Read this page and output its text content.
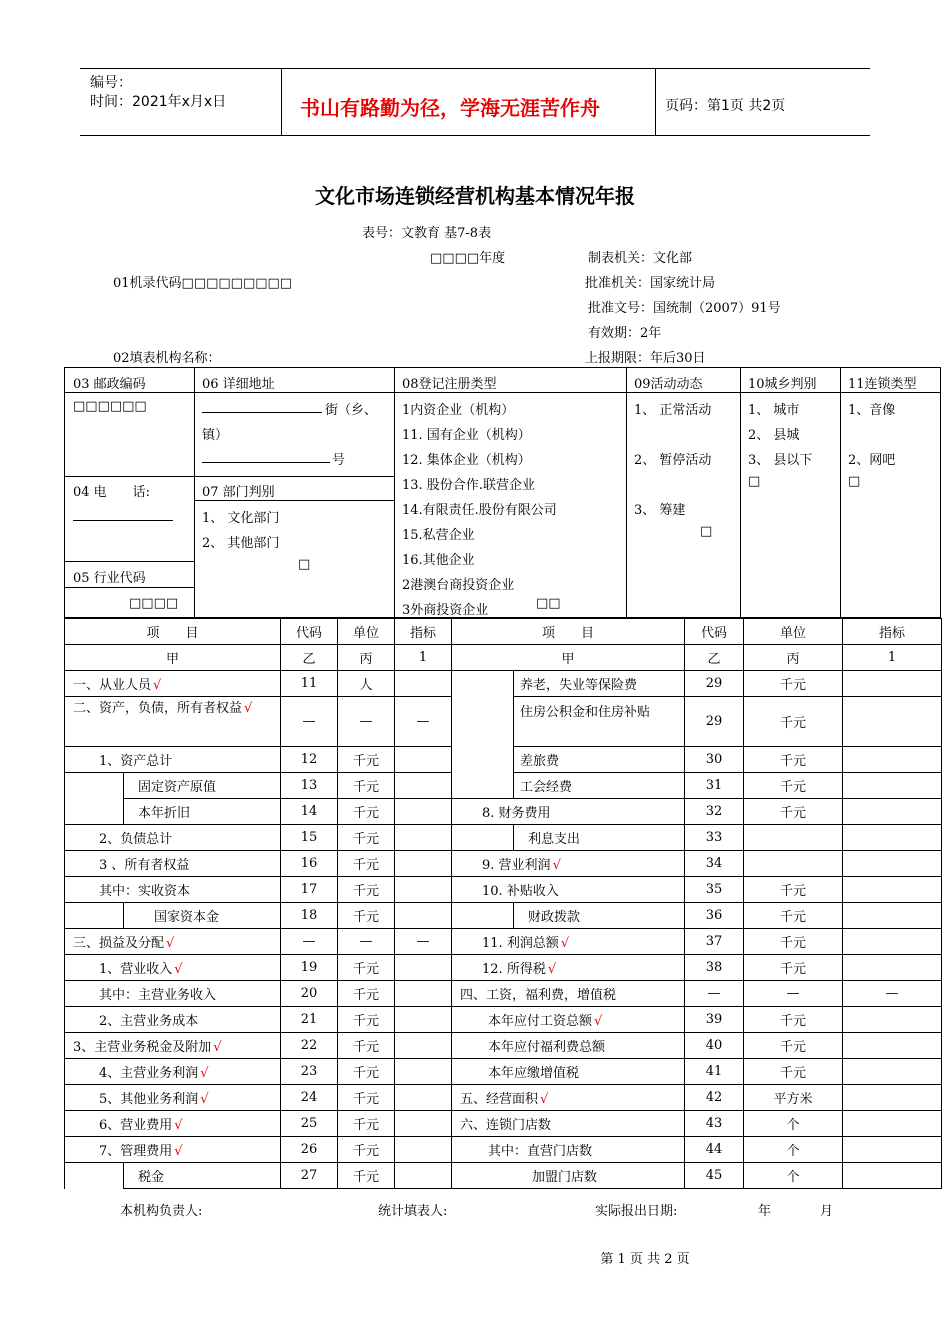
编号：
时间：2021年x月x日	书山有路勤为径，学海无涯苦作舟	页码：第1页 共2页
文化市场连锁经营机构基本情况年报
表号：文教育 基7-8表
□□□□年度	制表机关：文化部
01机录代码□□□□□□□□□	批准机关：国家统计局
批准文号：国统制（2007）91号
有效期：2年
02填表机构名称：	上报期限：年后30日
03 邮政编码
□□□□□□
04 电　　话:
05 行业代码
□□□□
06 详细地址
街（乡、
镇）
号
07 部门判别
1、 文化部门
2、 其他部门
□
08登记注册类型
1内资企业（机构）
11. 国有企业（机构）
12. 集体企业（机构）
13. 股份合作.联营企业
14.有限责任.股份有限公司
15.私营企业
16.其他企业
2港澳台商投资企业
3外商投资企业	□□
09活动动态
1、 正常活动
2、 暂停活动
3、 筹建
□
10城乡判别
1、 城市
2、 县城
3、 县以下
□
11连锁类型
1、音像
2、网吧
□
项　　目		代码	单位	指标	项　　目		代码	单位	指标
甲		乙	丙	1	甲		乙	丙	1
一、从业人员 √		11	人			养老，失业等保险费	29	千元	
二、资产，负债，所有者权益 √		—	—	—		住房公积金和住房补贴	29	千元	
1、资产总计		12	千元			差旅费	30	千元	
	固定资产原值	13	千元			工会经费	31	千元	
	本年折旧	14	千元		8. 财务费用		32	千元	
2、负债总计		15	千元			利息支出	33		
3 、所有者权益		16	千元		9. 营业利润 √		34		
其中：实收资本		17	千元		10. 补贴收入		35	千元	
	国家资本金	18	千元			财政拨款	36	千元	
三、损益及分配 √		—	—	—	11. 利润总额 √		37	千元	
1、营业收入 √		19	千元		12. 所得税 √		38	千元	
其中：主营业务收入		20	千元		四、工资，福利费，增值税		—	—	—
2、主营业务成本		21	千元		本年应付工资总额 √		39	千元	
3、主营业务税金及附加 √		22	千元		本年应付福利费总额		40	千元	
4、主营业务利润 √		23	千元		本年应缴增值税		41	千元	
5、其他业务利润 √		24	千元		五、经营面积 √		42	平方米	
6、营业费用 √		25	千元		六、连锁门店数		43	个	
7、管理费用 √		26	千元		其中：直营门店数		44	个	
	税金	27	千元		加盟门店数		45	个	
本机构负责人:	统计填表人:	实际报出日期:	年	月
第 1 页 共 2 页
